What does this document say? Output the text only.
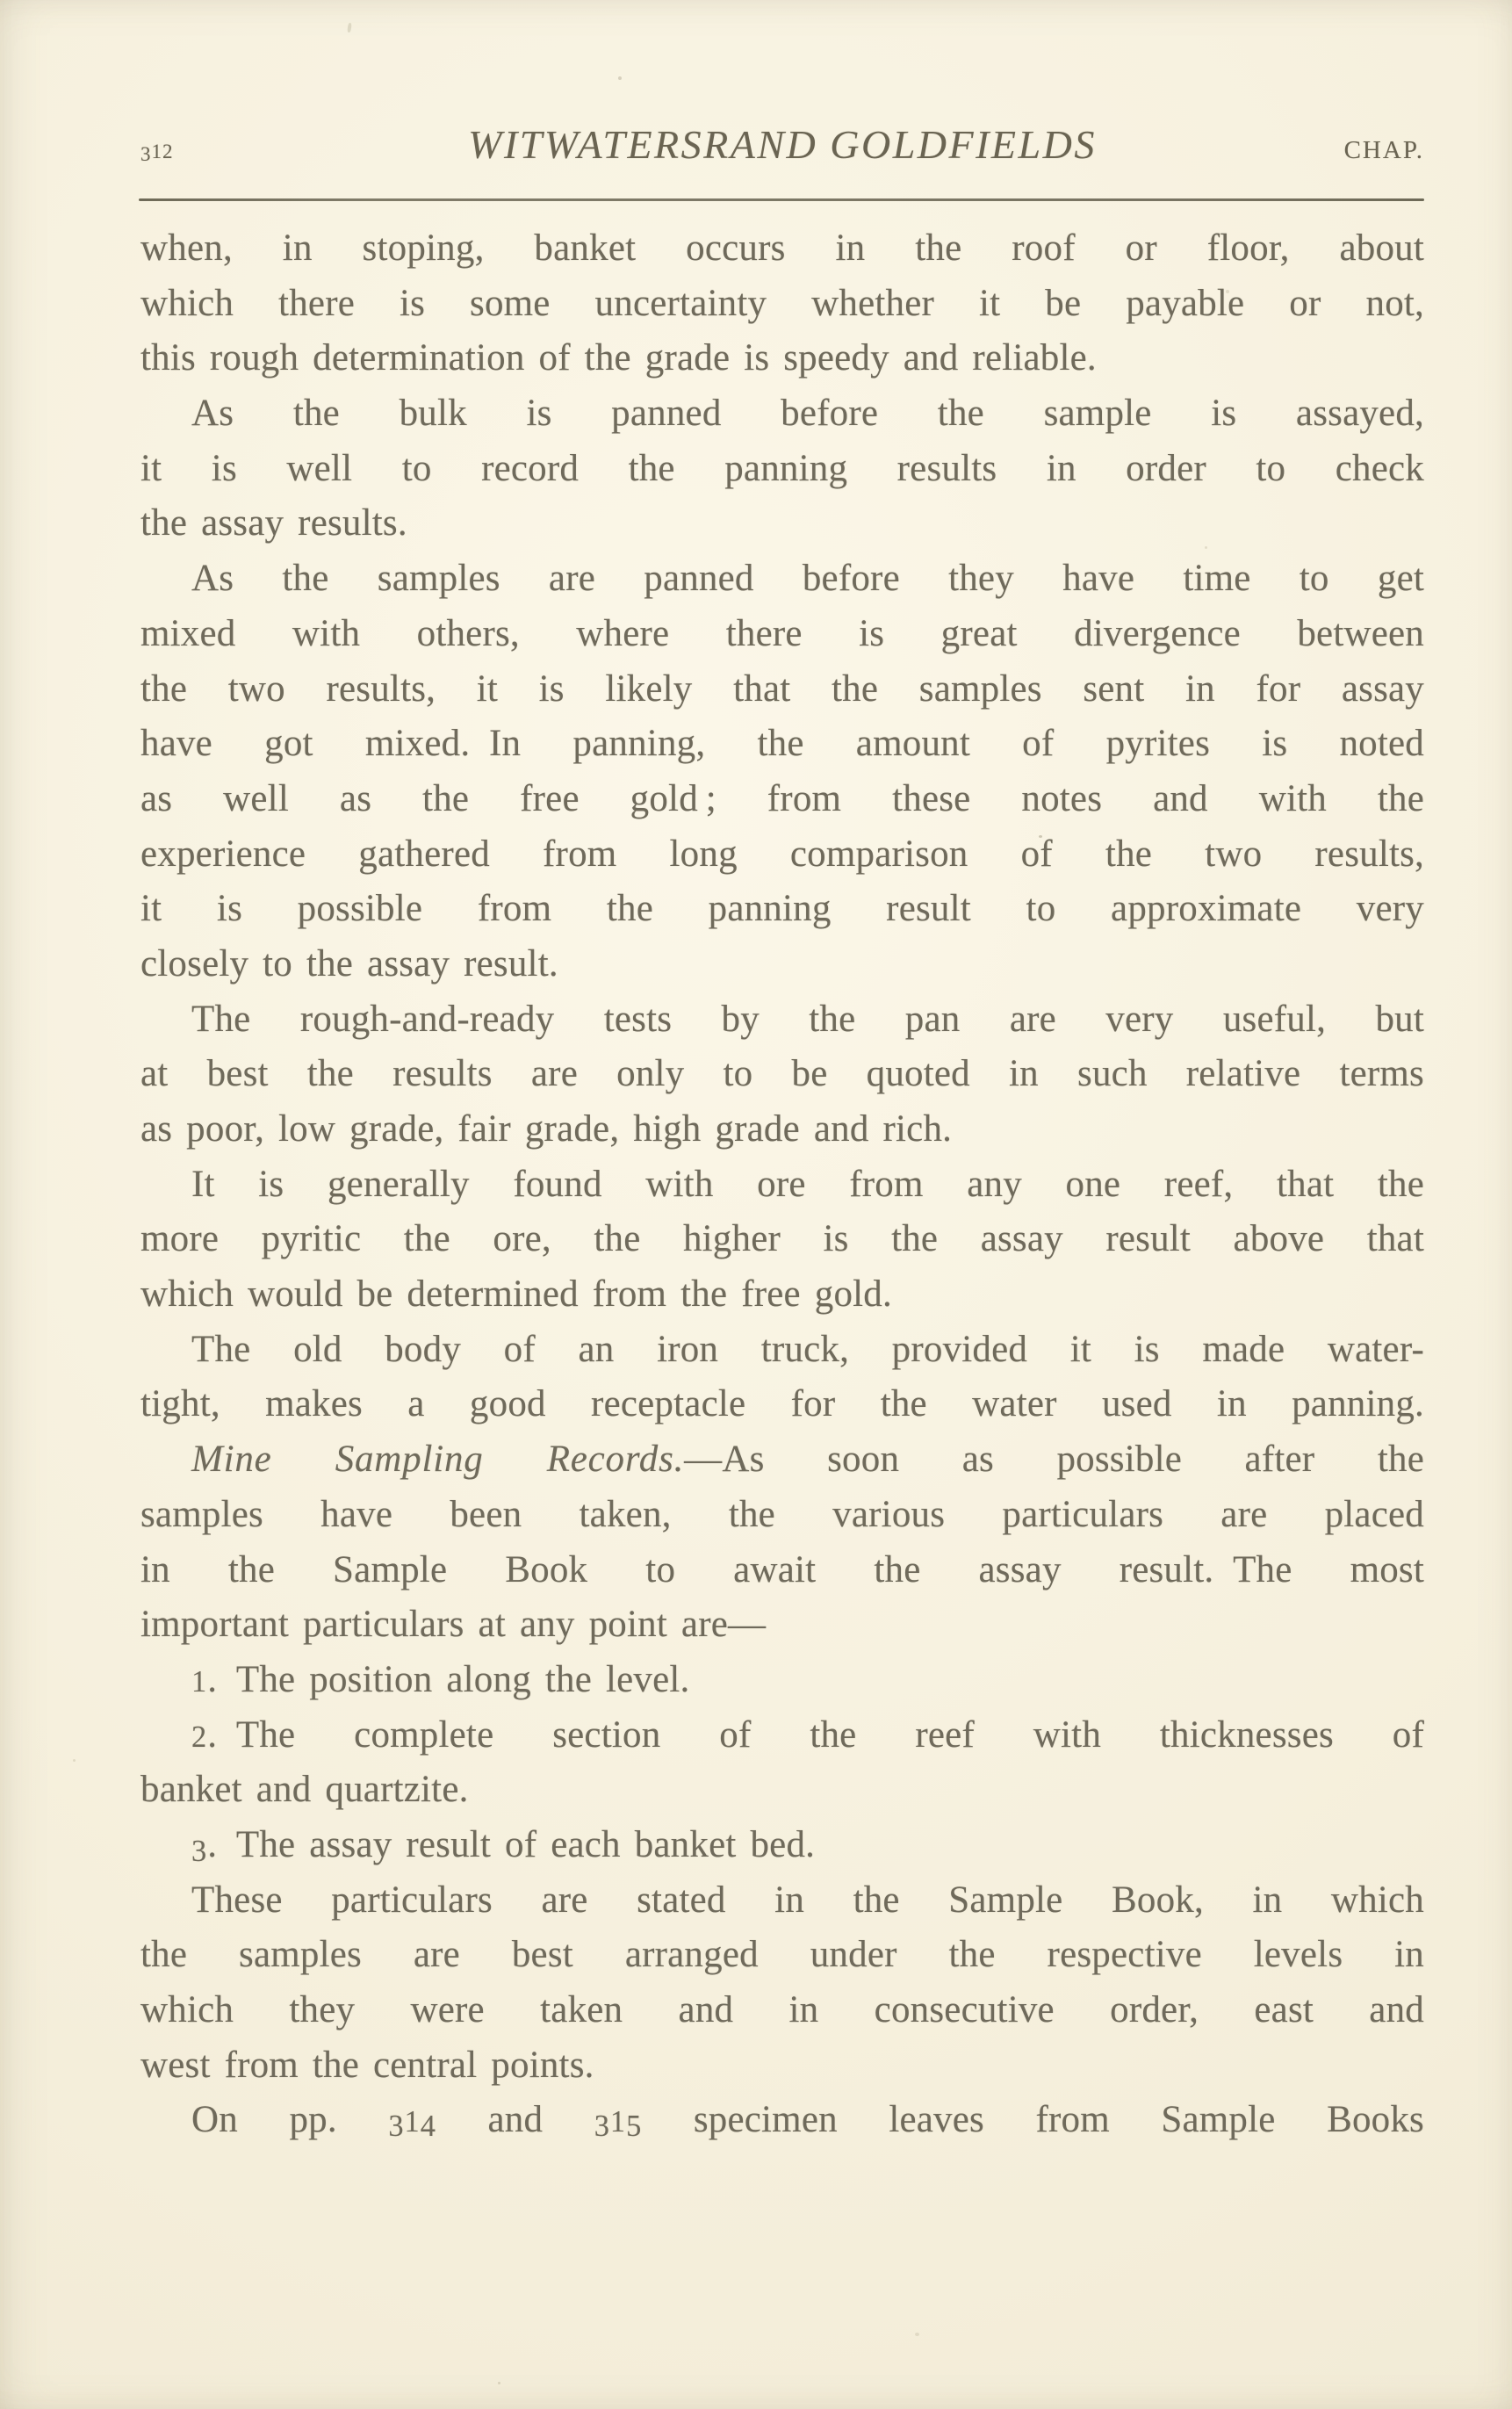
312	WITWATERSRAND GOLDFIELDS	CHAP.
when, in stoping, banket occurs in the roof or floor, about
which there is some uncertainty whether it be payable or not,
this rough determination of the grade is speedy and reliable.
As the bulk is panned before the sample is assayed,
it is well to record the panning results in order to check
the assay results.
As the samples are panned before they have time to get
mixed with others, where there is great divergence between
the two results, it is likely that the samples sent in for assay
have got mixed. In panning, the amount of pyrites is noted
as well as the free gold ; from these notes and with the
experience gathered from long comparison of the two results,
it is possible from the panning result to approximate very
closely to the assay result.
The rough-and-ready tests by the pan are very useful, but
at best the results are only to be quoted in such relative terms
as poor, low grade, fair grade, high grade and rich.
It is generally found with ore from any one reef, that the
more pyritic the ore, the higher is the assay result above that
which would be determined from the free gold.
The old body of an iron truck, provided it is made water-
tight, makes a good receptacle for the water used in panning.
Mine Sampling Records.—As soon as possible after the
samples have been taken, the various particulars are placed
in the Sample Book to await the assay result. The most
important particulars at any point are—
1. The position along the level.
2. The complete section of the reef with thicknesses of
banket and quartzite.
3. The assay result of each banket bed.
These particulars are stated in the Sample Book, in which
the samples are best arranged under the respective levels in
which they were taken and in consecutive order, east and
west from the central points.
On pp. 314 and 315 specimen leaves from Sample Books
